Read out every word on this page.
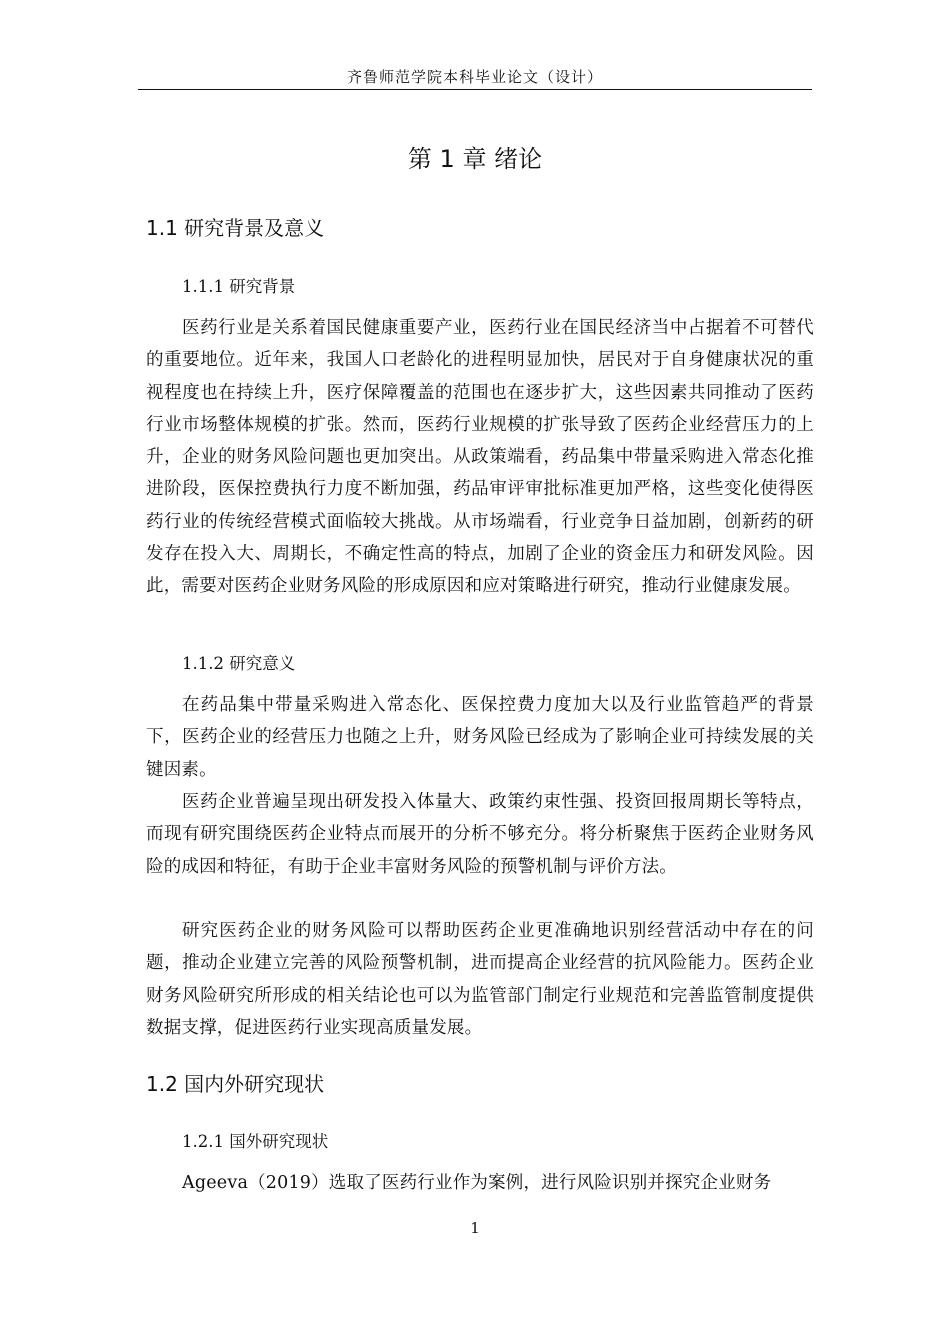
齐鲁师范学院本科毕业论文（设计）
第 1 章 绪论
1.1 研究背景及意义
1.1.1 研究背景

医药行业是关系着国民健康重要产业，医药行业在国民经济当中占据着不可替代的重要地位。近年来，我国人口老龄化的进程明显加快，居民对于自身健康状况的重视程度也在持续上升，医疗保障覆盖的范围也在逐步扩大，这些因素共同推动了医药行业市场整体规模的扩张。然而，医药行业规模的扩张导致了医药企业经营压力的上升，企业的财务风险问题也更加突出。从政策端看，药品集中带量采购进入常态化推进阶段，医保控费执行力度不断加强，药品审评审批标准更加严格，这些变化使得医药行业的传统经营模式面临较大挑战。从市场端看，行业竞争日益加剧，创新药的研发存在投入大、周期长，不确定性高的特点，加剧了企业的资金压力和研发风险。因此，需要对医药企业财务风险的形成原因和应对策略进行研究，推动行业健康发展。

1.1.2 研究意义

在药品集中带量采购进入常态化、医保控费力度加大以及行业监管趋严的背景下，医药企业的经营压力也随之上升，财务风险已经成为了影响企业可持续发展的关键因素。

医药企业普遍呈现出研发投入体量大、政策约束性强、投资回报周期长等特点，而现有研究围绕医药企业特点而展开的分析不够充分。将分析聚焦于医药企业财务风险的成因和特征，有助于企业丰富财务风险的预警机制与评价方法。

研究医药企业的财务风险可以帮助医药企业更准确地识别经营活动中存在的问题，推动企业建立完善的风险预警机制，进而提高企业经营的抗风险能力。医药企业财务风险研究所形成的相关结论也可以为监管部门制定行业规范和完善监管制度提供数据支撑，促进医药行业实现高质量发展。

1.2 国内外研究现状
1.2.1 国外研究现状

Ageeva（2019）选取了医药行业作为案例，进行风险识别并探究企业财务

1
